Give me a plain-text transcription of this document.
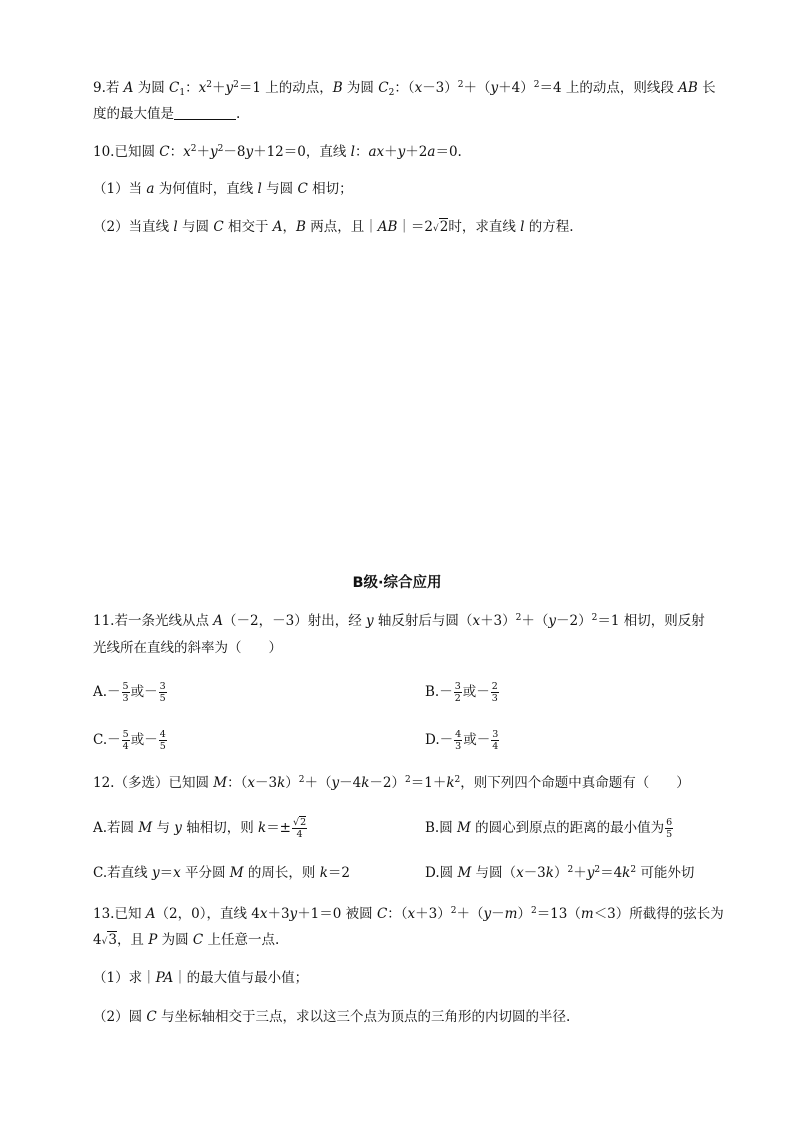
9.若 A 为圆 $C_1$：$x^2+y^2=1$ 上的动点，B 为圆 $C_2$：$(x-3)^2+(y+4)^2=4$ 上的动点，则线段 AB 长
度的最大值是	.
10.已知圆 C：$x^2+y^2-8y+12=0$，直线 l：ax＋y＋2a＝0.
（1）当 a 为何值时，直线 l 与圆 C 相切；
（2）当直线 l 与圆 C 相交于 A，B 两点，且｜AB｜＝2√2时，求直线 l 的方程.
B级·综合应用
11.若一条光线从点 A（－2，－3）射出，经 y 轴反射后与圆$(x+3)^2+(y-2)^2=1$ 相切，则反射
光线所在直线的斜率为（　　）
$A.- \frac{5}{3}$ 或－ $\frac{3}{5}$	$B.- \frac{3}{2}$ 或－ $\frac{2}{3}$
$C.- \frac{5}{4}$ 或－ $\frac{4}{5}$	$D.- \frac{4}{3}$ 或－ $\frac{3}{4}$
12.（多选）已知圆 M：$(x-3k)^2+(y-4k-2)^2=1+k^2$，则下列四个命题中真命题有（　　）
A.若圆 M 与 y 轴相切，则 $k=\pm \frac{√2}{4}$	B.圆 M 的圆心到原点的距离的最小值为 $\frac{6}{5}$
C.若直线 y＝x 平分圆 M 的周长，则 k＝2	D.圆 M 与圆$(x-3k)^2+y^2=4k^2$ 可能外切
13.已知 A（2，0），直线 4x＋3y＋1＝0 被圆 C：$(x+3)^2+(y-m)^2=13(m<3)$所截得的弦长为
4√3，且 P 为圆 C 上任意一点.
（1）求｜PA｜的最大值与最小值；
（2）圆 C 与坐标轴相交于三点，求以这三个点为顶点的三角形的内切圆的半径.
